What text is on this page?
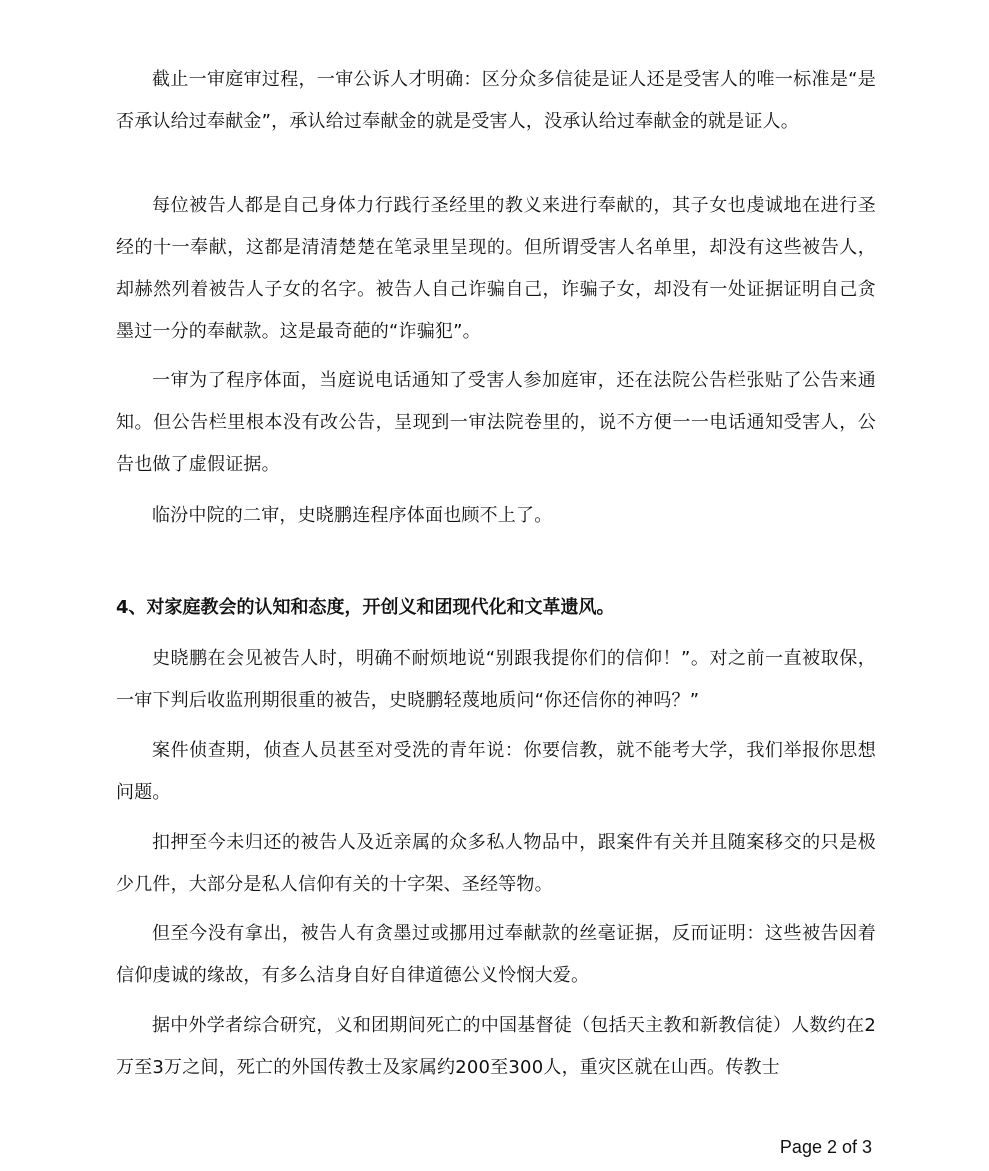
截止一审庭审过程，一审公诉人才明确：区分众多信徒是证人还是受害人的唯一标准是“是否承认给过奉献金”，承认给过奉献金的就是受害人，没承认给过奉献金的就是证人。

每位被告人都是自己身体力行践行圣经里的教义来进行奉献的，其子女也虔诚地在进行圣经的十一奉献，这都是清清楚楚在笔录里呈现的。但所谓受害人名单里，却没有这些被告人，却赫然列着被告人子女的名字。被告人自己诈骗自己，诈骗子女，却没有一处证据证明自己贪墨过一分的奉献款。这是最奇葩的“诈骗犯”。

一审为了程序体面，当庭说电话通知了受害人参加庭审，还在法院公告栏张贴了公告来通知。但公告栏里根本没有改公告，呈现到一审法院卷里的，说不方便一一电话通知受害人，公告也做了虚假证据。

临汾中院的二审，史晓鹏连程序体面也顾不上了。

4、对家庭教会的认知和态度，开创义和团现代化和文革遗风。

史晓鹏在会见被告人时，明确不耐烦地说“别跟我提你们的信仰！”。对之前一直被取保，一审下判后收监刑期很重的被告，史晓鹏轻蔑地质问“你还信你的神吗？”

案件侦查期，侦查人员甚至对受洗的青年说：你要信教，就不能考大学，我们举报你思想问题。

扣押至今未归还的被告人及近亲属的众多私人物品中，跟案件有关并且随案移交的只是极少几件，大部分是私人信仰有关的十字架、圣经等物。

但至今没有拿出，被告人有贪墨过或挪用过奉献款的丝毫证据，反而证明：这些被告因着信仰虔诚的缘故，有多么洁身自好自律道德公义怜悯大爱。

据中外学者综合研究，义和团期间死亡的中国基督徒（包括天主教和新教信徒）人数约在2万至3万之间，死亡的外国传教士及家属约200至300人，重灾区就在山西。传教士

Page 2 of 3
